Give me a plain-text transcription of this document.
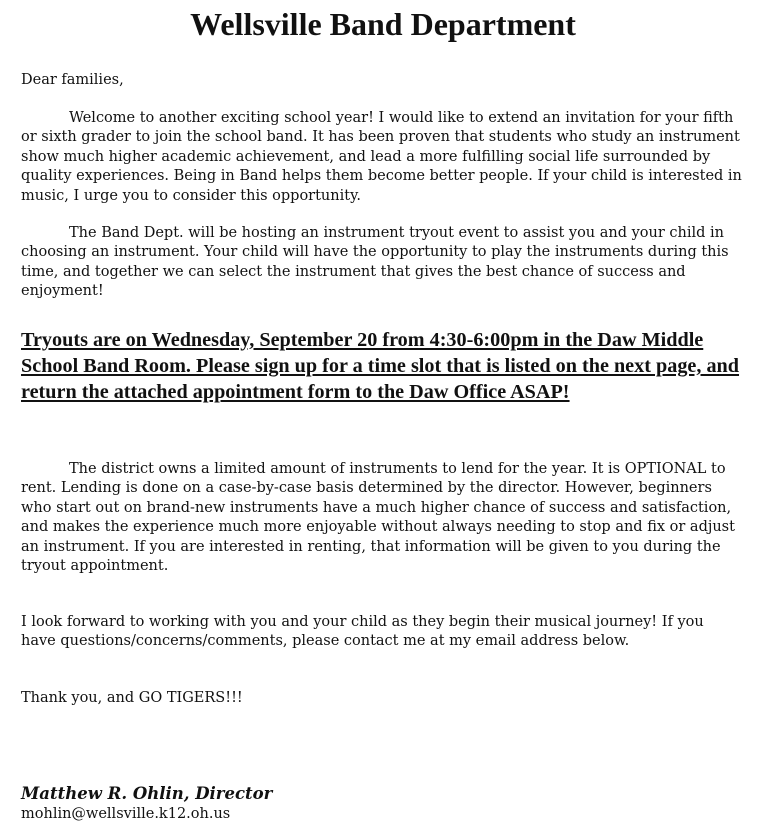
Wellsville Band Department

Dear families,

Welcome to another exciting school year! I would like to extend an invitation for your fifth or sixth grader to join the school band. It has been proven that students who study an instrument show much higher academic achievement, and lead a more fulfilling social life surrounded by quality experiences. Being in Band helps them become better people. If your child is interested in music, I urge you to consider this opportunity.

The Band Dept. will be hosting an instrument tryout event to assist you and your child in choosing an instrument. Your child will have the opportunity to play the instruments during this time, and together we can select the instrument that gives the best chance of success and enjoyment!

Tryouts are on Wednesday, September 20 from 4:30-6:00pm in the Daw Middle School Band Room. Please sign up for a time slot that is listed on the next page, and return the attached appointment form to the Daw Office ASAP!

The district owns a limited amount of instruments to lend for the year. It is OPTIONAL to rent. Lending is done on a case-by-case basis determined by the director. However, beginners who start out on brand-new instruments have a much higher chance of success and satisfaction, and makes the experience much more enjoyable without always needing to stop and fix or adjust an instrument. If you are interested in renting, that information will be given to you during the tryout appointment.

I look forward to working with you and your child as they begin their musical journey! If you have questions/concerns/comments, please contact me at my email address below.

Thank you, and GO TIGERS!!!

Matthew R. Ohlin, Director

mohlin@wellsville.k12.oh.us
